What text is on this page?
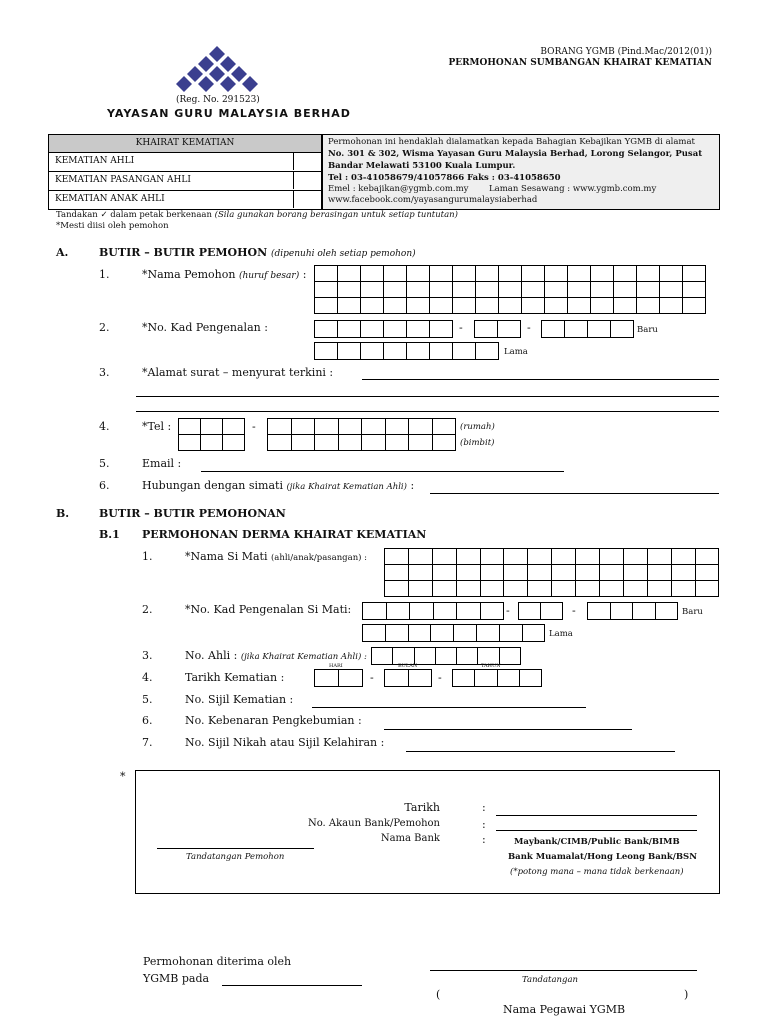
(Reg. No. 291523)
YAYASAN GURU MALAYSIA BERHAD
BORANG YGMB (Pind.Mac/2012(01))
PERMOHONAN SUMBANGAN KHAIRAT KEMATIAN
KHAIRAT KEMATIAN
KEMATIAN AHLI
KEMATIAN PASANGAN AHLI
KEMATIAN ANAK AHLI
Permohonan ini hendaklah dialamatkan kepada Bahagian Kebajikan YGMB di alamat
No. 301 & 302, Wisma Yayasan Guru Malaysia Berhad, Lorong Selangor, Pusat
Bandar Melawati 53100 Kuala Lumpur.
Tel : 03-41058679/41057866 Faks : 03-41058650
Emel : kebajikan@ygmb.com.my Laman Sesawang : www.ygmb.com.my
www.facebook.com/yayasangurumalaysiaberhad
Tandakan ✓ dalam petak berkenaan (Sila gunakan borang berasingan untuk setiap tuntutan)
*Mesti diisi oleh pemohon
A.	BUTIR – BUTIR PEMOHON (dipenuhi oleh setiap pemohon)
1.	*Nama Pemohon (huruf besar) :
2.	*No. Kad Pengenalan :	-	-	Baru
Lama
3.	*Alamat surat – menyurat terkini :
4.	*Tel :	-	(rumah)
(bimbit)
5.	Email :
6.	Hubungan dengan simati (jika Khairat Kematian Ahli) :
B.	BUTIR – BUTIR PEMOHONAN
B.1 PERMOHONAN DERMA KHAIRAT KEMATIAN
1.	*Nama Si Mati (ahli/anak/pasangan) :
2.	*No. Kad Pengenalan Si Mati:	-	-	Baru
Lama
3.	No. Ahli : (jika Khairat Kematian Ahli) :
HARI	BULAN	TAHUN
4.	Tarikh Kematian :	-	-
5.	No. Sijil Kematian :
6.	No. Kebenaran Pengkebumian :
7.	No. Sijil Nikah atau Sijil Kelahiran :
*
Tarikh	:
No. Akaun Bank/Pemohon	:
Nama Bank	:	Maybank/CIMB/Public Bank/BIMB
Bank Muamalat/Hong Leong Bank/BSN
(*potong mana – mana tidak berkenaan)
Tandatangan Pemohon
Permohonan diterima oleh
YGMB pada	Tandatangan
(	)
Nama Pegawai YGMB
